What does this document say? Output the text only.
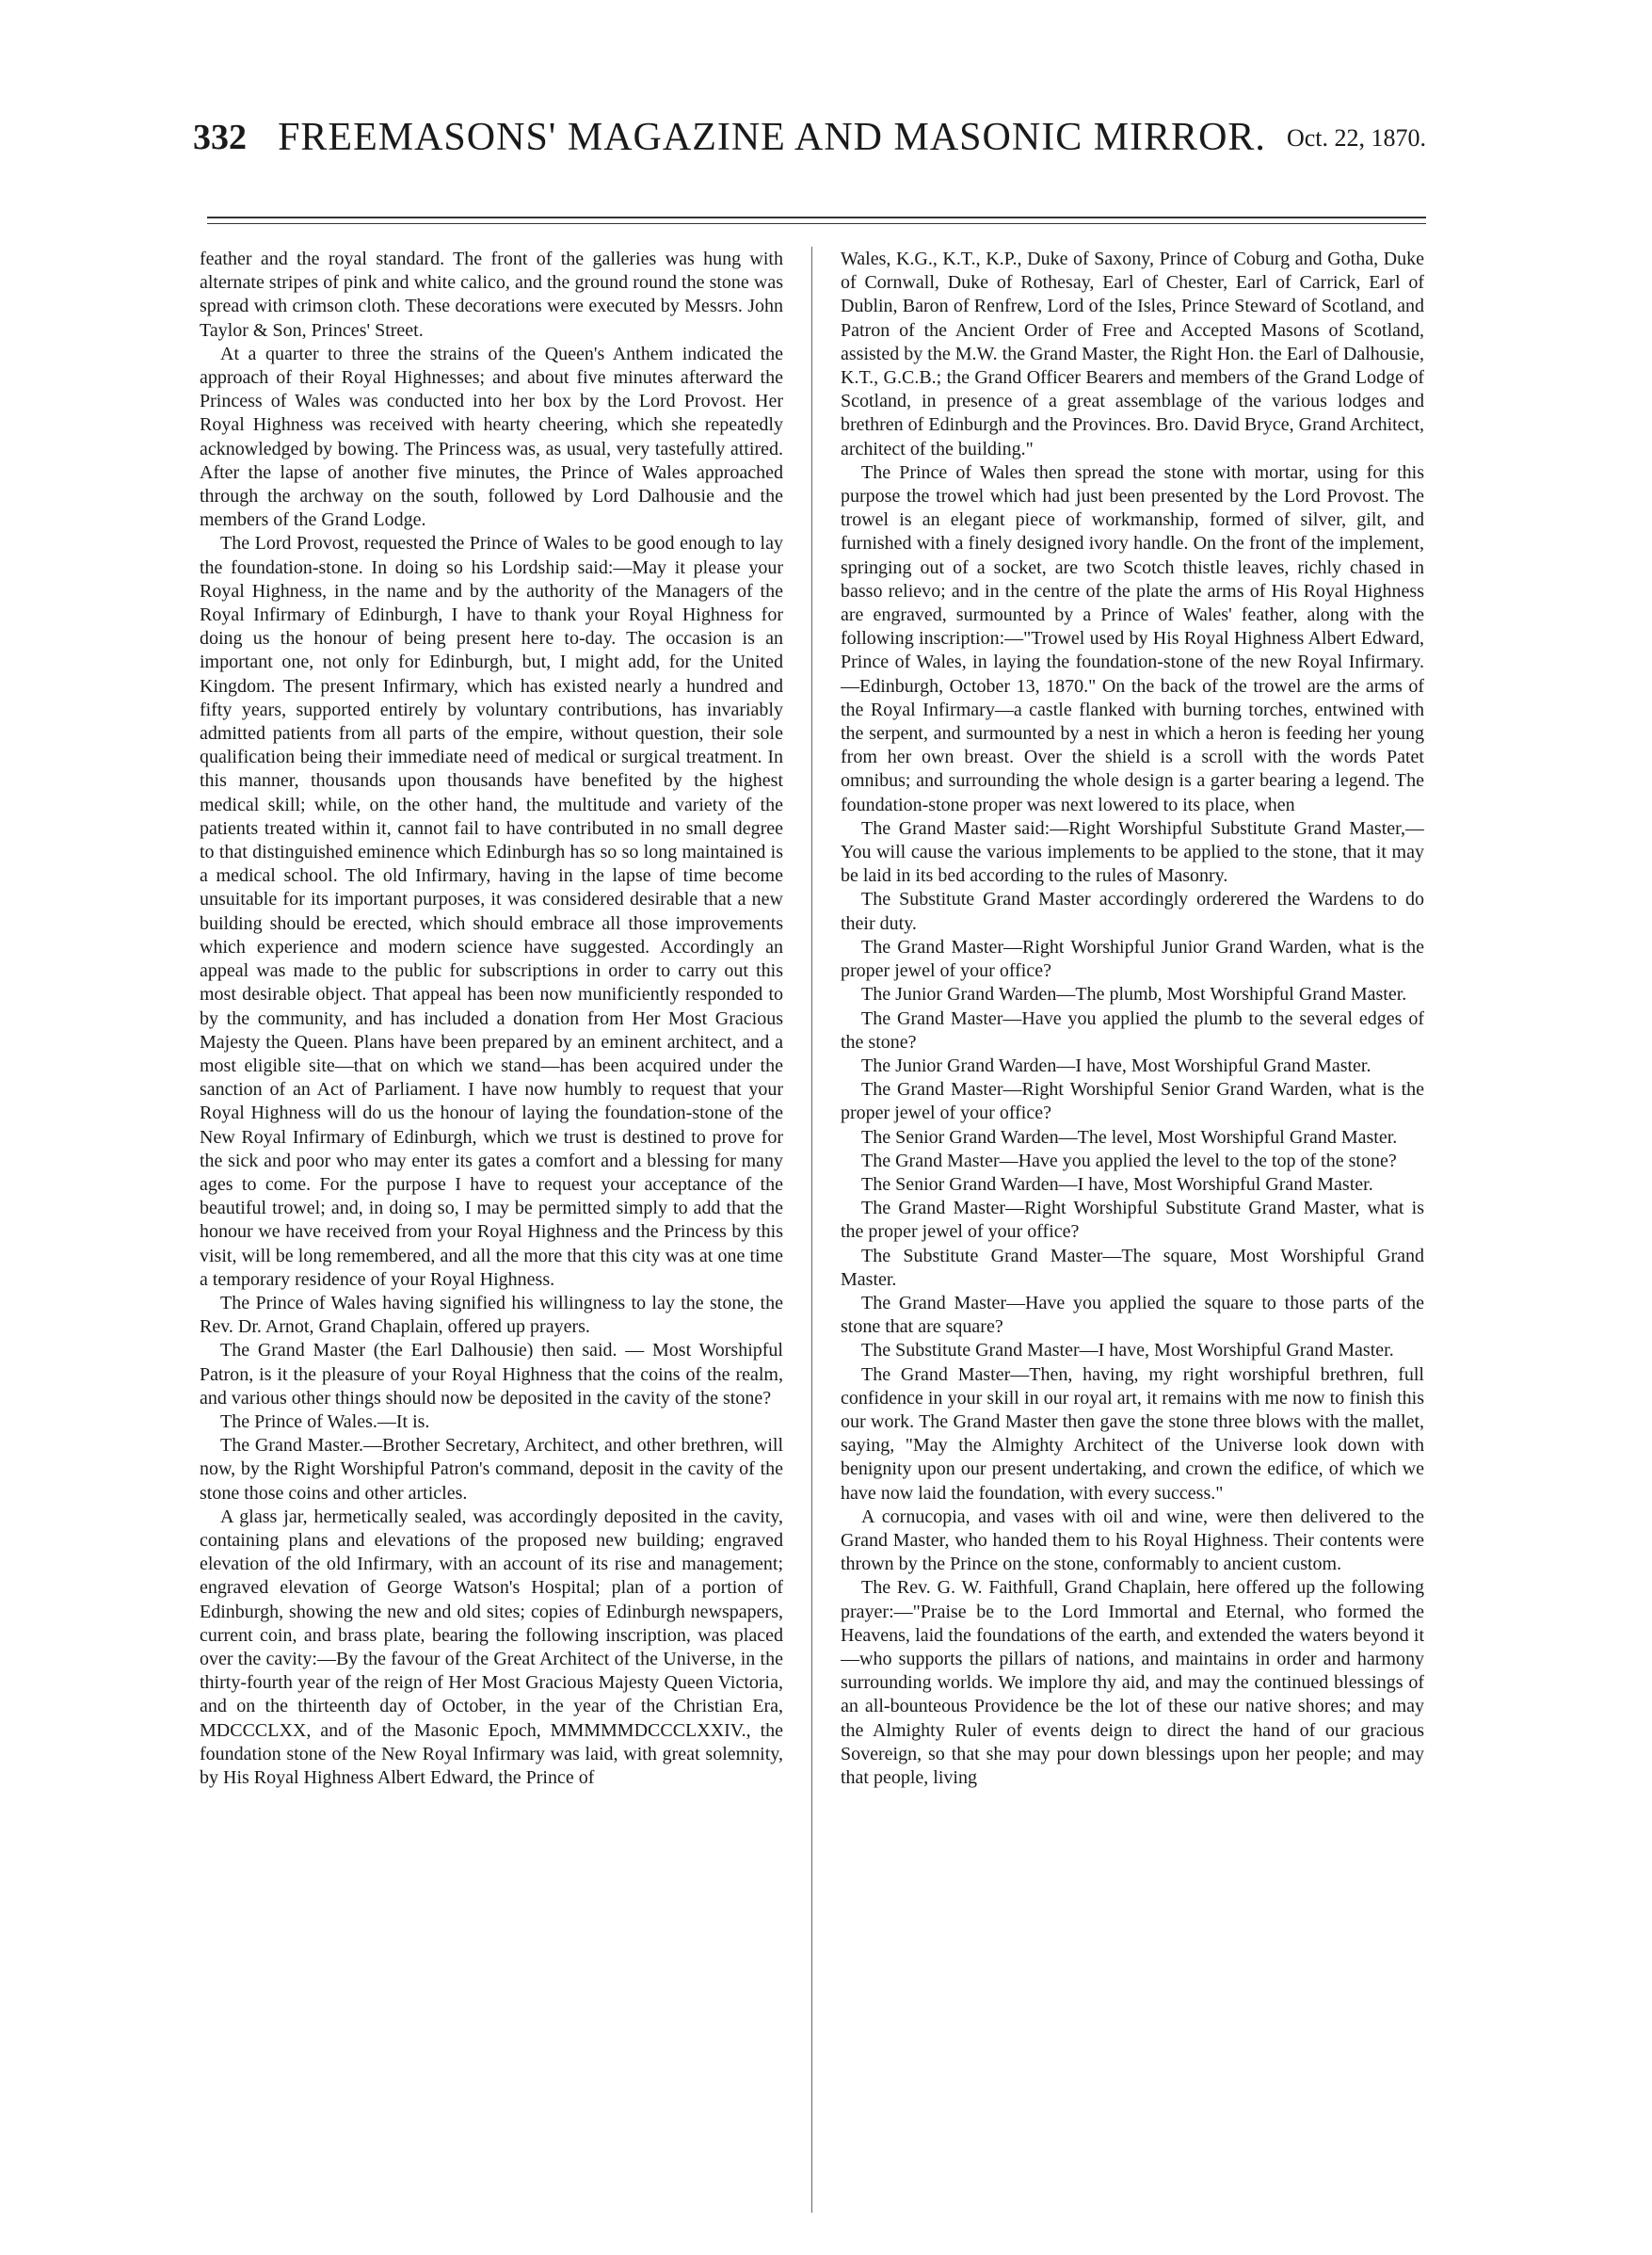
332 FREEMASONS' MAGAZINE AND MASONIC MIRROR. Oct. 22, 1870.

feather and the royal standard. The front of the galleries was hung with alternate stripes of pink and white calico, and the ground round the stone was spread with crimson cloth. These decorations were executed by Messrs. John Taylor & Son, Princes' Street.

At a quarter to three the strains of the Queen's Anthem indicated the approach of their Royal Highnesses; and about five minutes afterward the Princess of Wales was conducted into her box by the Lord Provost. Her Royal Highness was received with hearty cheering, which she repeatedly acknowledged by bowing. The Princess was, as usual, very tastefully attired. After the lapse of another five minutes, the Prince of Wales approached through the archway on the south, followed by Lord Dalhousie and the members of the Grand Lodge.

The Lord Provost, requested the Prince of Wales to be good enough to lay the foundation-stone. In doing so his Lordship said:—May it please your Royal Highness, in the name and by the authority of the Managers of the Royal Infirmary of Edinburgh, I have to thank your Royal Highness for doing us the honour of being present here to-day. The occasion is an important one, not only for Edinburgh, but, I might add, for the United Kingdom. The present Infirmary, which has existed nearly a hundred and fifty years, supported entirely by voluntary contributions, has invariably admitted patients from all parts of the empire, without question, their sole qualification being their immediate need of medical or surgical treatment. In this manner, thousands upon thousands have benefited by the highest medical skill; while, on the other hand, the multitude and variety of the patients treated within it, cannot fail to have contributed in no small degree to that distinguished eminence which Edinburgh has so so long maintained is a medical school. The old Infirmary, having in the lapse of time become unsuitable for its important purposes, it was considered desirable that a new building should be erected, which should embrace all those improvements which experience and modern science have suggested. Accordingly an appeal was made to the public for subscriptions in order to carry out this most desirable object. That appeal has been now munificiently responded to by the community, and has included a donation from Her Most Gracious Majesty the Queen. Plans have been prepared by an eminent architect, and a most eligible site—that on which we stand—has been acquired under the sanction of an Act of Parliament. I have now humbly to request that your Royal Highness will do us the honour of laying the foundation-stone of the New Royal Infirmary of Edinburgh, which we trust is destined to prove for the sick and poor who may enter its gates a comfort and a blessing for many ages to come. For the purpose I have to request your acceptance of the beautiful trowel; and, in doing so, I may be permitted simply to add that the honour we have received from your Royal Highness and the Princess by this visit, will be long remembered, and all the more that this city was at one time a temporary residence of your Royal Highness.

The Prince of Wales having signified his willingness to lay the stone, the Rev. Dr. Arnot, Grand Chaplain, offered up prayers.

The Grand Master (the Earl Dalhousie) then said. — Most Worshipful Patron, is it the pleasure of your Royal Highness that the coins of the realm, and various other things should now be deposited in the cavity of the stone?

The Prince of Wales.—It is.

The Grand Master.—Brother Secretary, Architect, and other brethren, will now, by the Right Worshipful Patron's command, deposit in the cavity of the stone those coins and other articles.

A glass jar, hermetically sealed, was accordingly deposited in the cavity, containing plans and elevations of the proposed new building; engraved elevation of the old Infirmary, with an account of its rise and management; engraved elevation of George Watson's Hospital; plan of a portion of Edinburgh, showing the new and old sites; copies of Edinburgh newspapers, current coin, and brass plate, bearing the following inscription, was placed over the cavity:—By the favour of the Great Architect of the Universe, in the thirty-fourth year of the reign of Her Most Gracious Majesty Queen Victoria, and on the thirteenth day of October, in the year of the Christian Era, MDCCCLXX, and of the Masonic Epoch, MMMMMDCCCLXXIV., the foundation stone of the New Royal Infirmary was laid, with great solemnity, by His Royal Highness Albert Edward, the Prince of

Wales, K.G., K.T., K.P., Duke of Saxony, Prince of Coburg and Gotha, Duke of Cornwall, Duke of Rothesay, Earl of Chester, Earl of Carrick, Earl of Dublin, Baron of Renfrew, Lord of the Isles, Prince Steward of Scotland, and Patron of the Ancient Order of Free and Accepted Masons of Scotland, assisted by the M.W. the Grand Master, the Right Hon. the Earl of Dalhousie, K.T., G.C.B.; the Grand Officer Bearers and members of the Grand Lodge of Scotland, in presence of a great assemblage of the various lodges and brethren of Edinburgh and the Provinces. Bro. David Bryce, Grand Architect, architect of the building."

The Prince of Wales then spread the stone with mortar, using for this purpose the trowel which had just been presented by the Lord Provost. The trowel is an elegant piece of workmanship, formed of silver, gilt, and furnished with a finely designed ivory handle. On the front of the implement, springing out of a socket, are two Scotch thistle leaves, richly chased in basso relievo; and in the centre of the plate the arms of His Royal Highness are engraved, surmounted by a Prince of Wales' feather, along with the following inscription:—"Trowel used by His Royal Highness Albert Edward, Prince of Wales, in laying the foundation-stone of the new Royal Infirmary.—Edinburgh, October 13, 1870." On the back of the trowel are the arms of the Royal Infirmary—a castle flanked with burning torches, entwined with the serpent, and surmounted by a nest in which a heron is feeding her young from her own breast. Over the shield is a scroll with the words Patet omnibus; and surrounding the whole design is a garter bearing a legend. The foundation-stone proper was next lowered to its place, when

The Grand Master said:—Right Worshipful Substitute Grand Master,—You will cause the various implements to be applied to the stone, that it may be laid in its bed according to the rules of Masonry.

The Substitute Grand Master accordingly orderered the Wardens to do their duty.

The Grand Master—Right Worshipful Junior Grand Warden, what is the proper jewel of your office?

The Junior Grand Warden—The plumb, Most Worshipful Grand Master.

The Grand Master—Have you applied the plumb to the several edges of the stone?

The Junior Grand Warden—I have, Most Worshipful Grand Master.

The Grand Master—Right Worshipful Senior Grand Warden, what is the proper jewel of your office?

The Senior Grand Warden—The level, Most Worshipful Grand Master.

The Grand Master—Have you applied the level to the top of the stone?

The Senior Grand Warden—I have, Most Worshipful Grand Master.

The Grand Master—Right Worshipful Substitute Grand Master, what is the proper jewel of your office?

The Substitute Grand Master—The square, Most Worshipful Grand Master.

The Grand Master—Have you applied the square to those parts of the stone that are square?

The Substitute Grand Master—I have, Most Worshipful Grand Master.

The Grand Master—Then, having, my right worshipful brethren, full confidence in your skill in our royal art, it remains with me now to finish this our work. The Grand Master then gave the stone three blows with the mallet, saying, "May the Almighty Architect of the Universe look down with benignity upon our present undertaking, and crown the edifice, of which we have now laid the foundation, with every success."

A cornucopia, and vases with oil and wine, were then delivered to the Grand Master, who handed them to his Royal Highness. Their contents were thrown by the Prince on the stone, conformably to ancient custom.

The Rev. G. W. Faithfull, Grand Chaplain, here offered up the following prayer:—"Praise be to the Lord Immortal and Eternal, who formed the Heavens, laid the foundations of the earth, and extended the waters beyond it—who supports the pillars of nations, and maintains in order and harmony surrounding worlds. We implore thy aid, and may the continued blessings of an all-bounteous Providence be the lot of these our native shores; and may the Almighty Ruler of events deign to direct the hand of our gracious Sovereign, so that she may pour down blessings upon her people; and may that people, living
